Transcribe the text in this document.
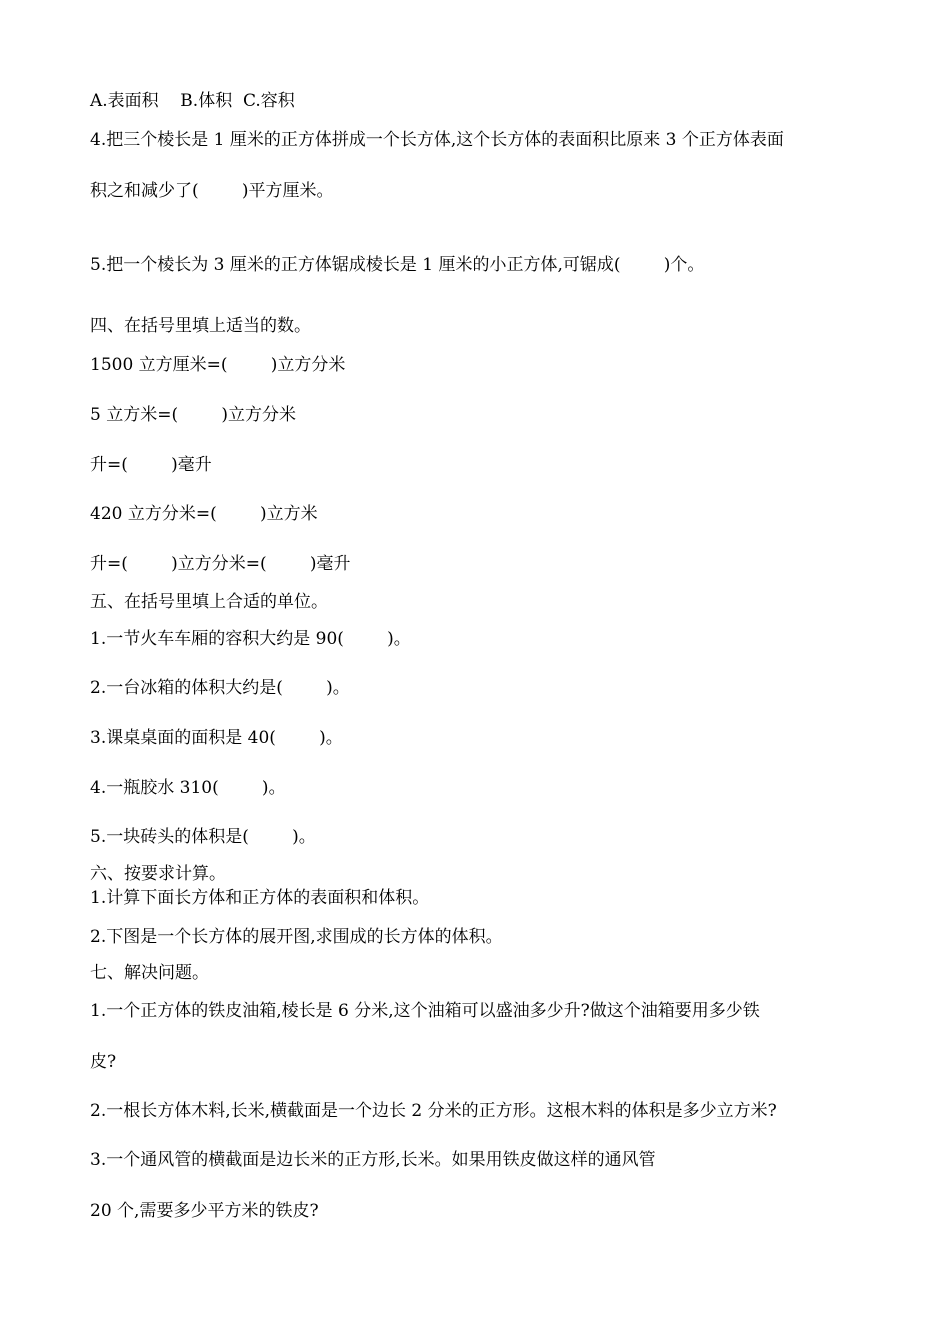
A.表面积    B.体积  C.容积
4.把三个棱长是 1 厘米的正方体拼成一个长方体,这个长方体的表面积比原来 3 个正方体表面
积之和减少了(        )平方厘米。
5.把一个棱长为 3 厘米的正方体锯成棱长是 1 厘米的小正方体,可锯成(        )个。
四、在括号里填上适当的数。
1500 立方厘米=(        )立方分米
5 立方米=(        )立方分米
升=(        )毫升
420 立方分米=(        )立方米
升=(        )立方分米=(        )毫升
五、在括号里填上合适的单位。
1.一节火车车厢的容积大约是 90(        )。
2.一台冰箱的体积大约是(        )。
3.课桌桌面的面积是 40(        )。
4.一瓶胶水 310(        )。
5.一块砖头的体积是(        )。
六、按要求计算。
1.计算下面长方体和正方体的表面积和体积。
2.下图是一个长方体的展开图,求围成的长方体的体积。
七、解决问题。
1.一个正方体的铁皮油箱,棱长是 6 分米,这个油箱可以盛油多少升?做这个油箱要用多少铁
皮?
2.一根长方体木料,长米,横截面是一个边长 2 分米的正方形。这根木料的体积是多少立方米?
3.一个通风管的横截面是边长米的正方形,长米。如果用铁皮做这样的通风管
20 个,需要多少平方米的铁皮?
